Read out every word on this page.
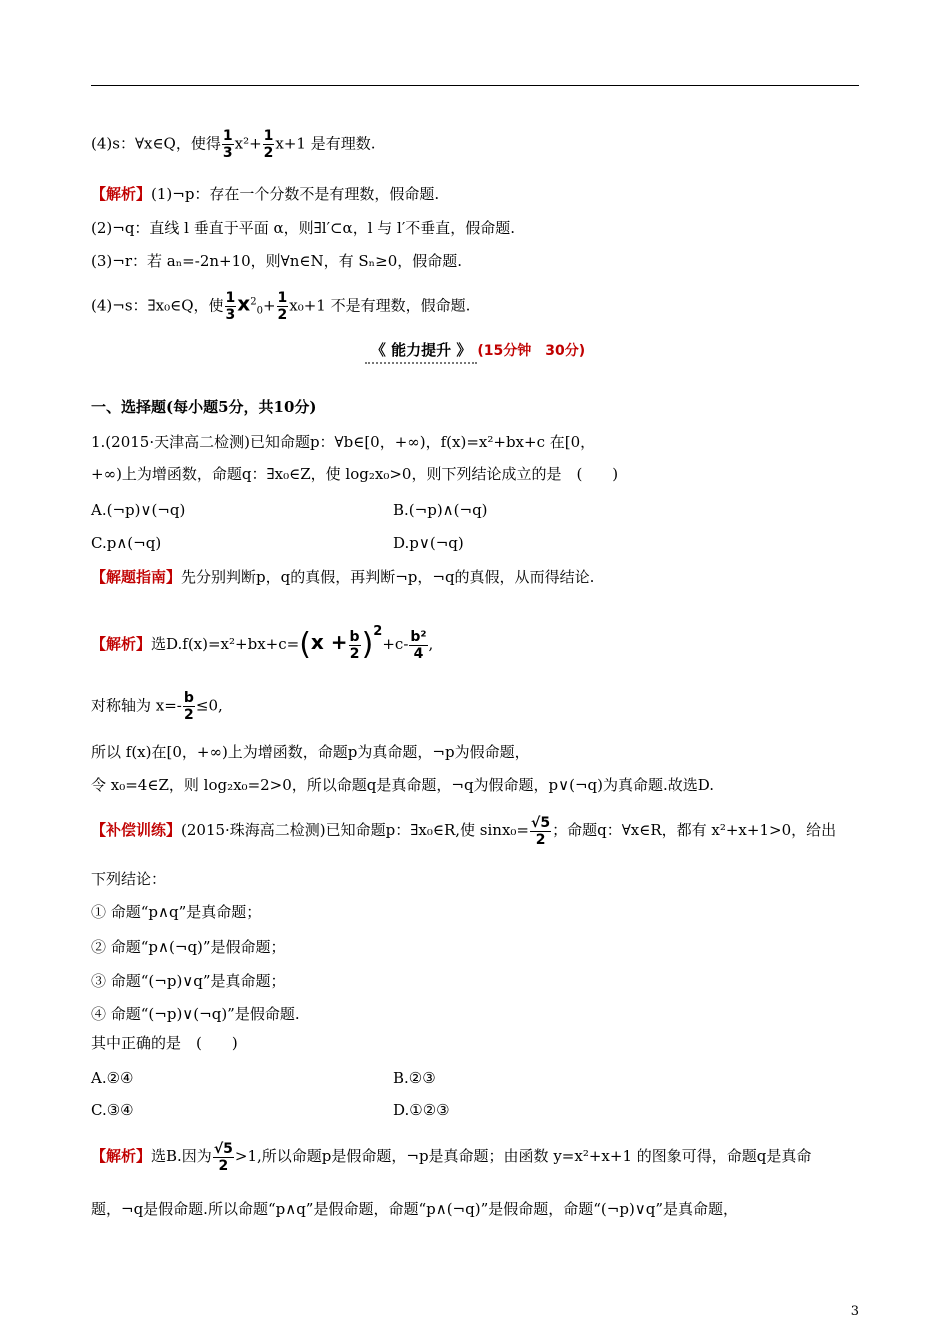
(4)s：∀x∈Q，使得 $\frac{1}{3} x^2+ \frac{1}{2} x+1$ 是有理数.
【解析】(1)¬p：存在一个分数不是有理数，假命题.
(2)¬q：直线 l 垂直于平面 α，则∃l′⊂α，l 与 l′不垂直，假命题.
(3)¬r：若 aₙ=-2n+10，则∀n∈N，有 Sₙ≥0，假命题.
(4)¬s：∃x₀∈Q，使 $\frac{1}{3} x^2_0+ \frac{1}{2} x_0+1$ 不是有理数，假命题.
《 能力提升 》 (15分钟　30分)
一、选择题(每小题5分，共10分)
1.(2015·天津高二检测)已知命题p：∀b∈[0，+∞)，f(x)=x²+bx+c 在[0，
+∞)上为增函数，命题q：∃x₀∈Z，使 log₂x₀>0，则下列结论成立的是　(　　)
A.(¬p)∨(¬q)	B.(¬p)∧(¬q)
C.p∧(¬q)	D.p∨(¬q)
【解题指南】先分别判断p，q的真假，再判断¬p，¬q的真假，从而得结论.
【解析】选$D.f(x)=x^2+bx+c=(x + \frac{b}{2} )2+c- \frac{\text{b²}}{4}$ ,
对称轴为 $x=- \frac{b}{2} \le 0$,
所以 f(x)在[0，+∞)上为增函数，命题p为真命题，¬p为假命题，
令 x₀=4∈Z，则 log₂x₀=2>0，所以命题q是真命题，¬q为假命题，p∨(¬q)为真命题.故选D.
【补偿训练】(2015·珠海高二检测)已知命题p：∃x₀∈R,使 $\sin x_0= \frac{√5}{2}$ ；命题q：∀x∈R，都有 x²+x+1>0，给出
下列结论：
① 命题“p∧q”是真命题；
② 命题“p∧(¬q)”是假命题；
③ 命题“(¬p)∨q”是真命题；
④ 命题“(¬p)∨(¬q)”是假命题.
其中正确的是　(　　)
A.②④	B.②③
C.③④	D.①②③
【解析】选B.因为 $\frac{√5}{2} >1$,所以命题p是假命题，¬p是真命题；由函数 y=x²+x+1 的图象可得，命题q是真命
题，¬q是假命题.所以命题“p∧q”是假命题，命题“p∧(¬q)”是假命题，命题“(¬p)∨q”是真命题，
3
